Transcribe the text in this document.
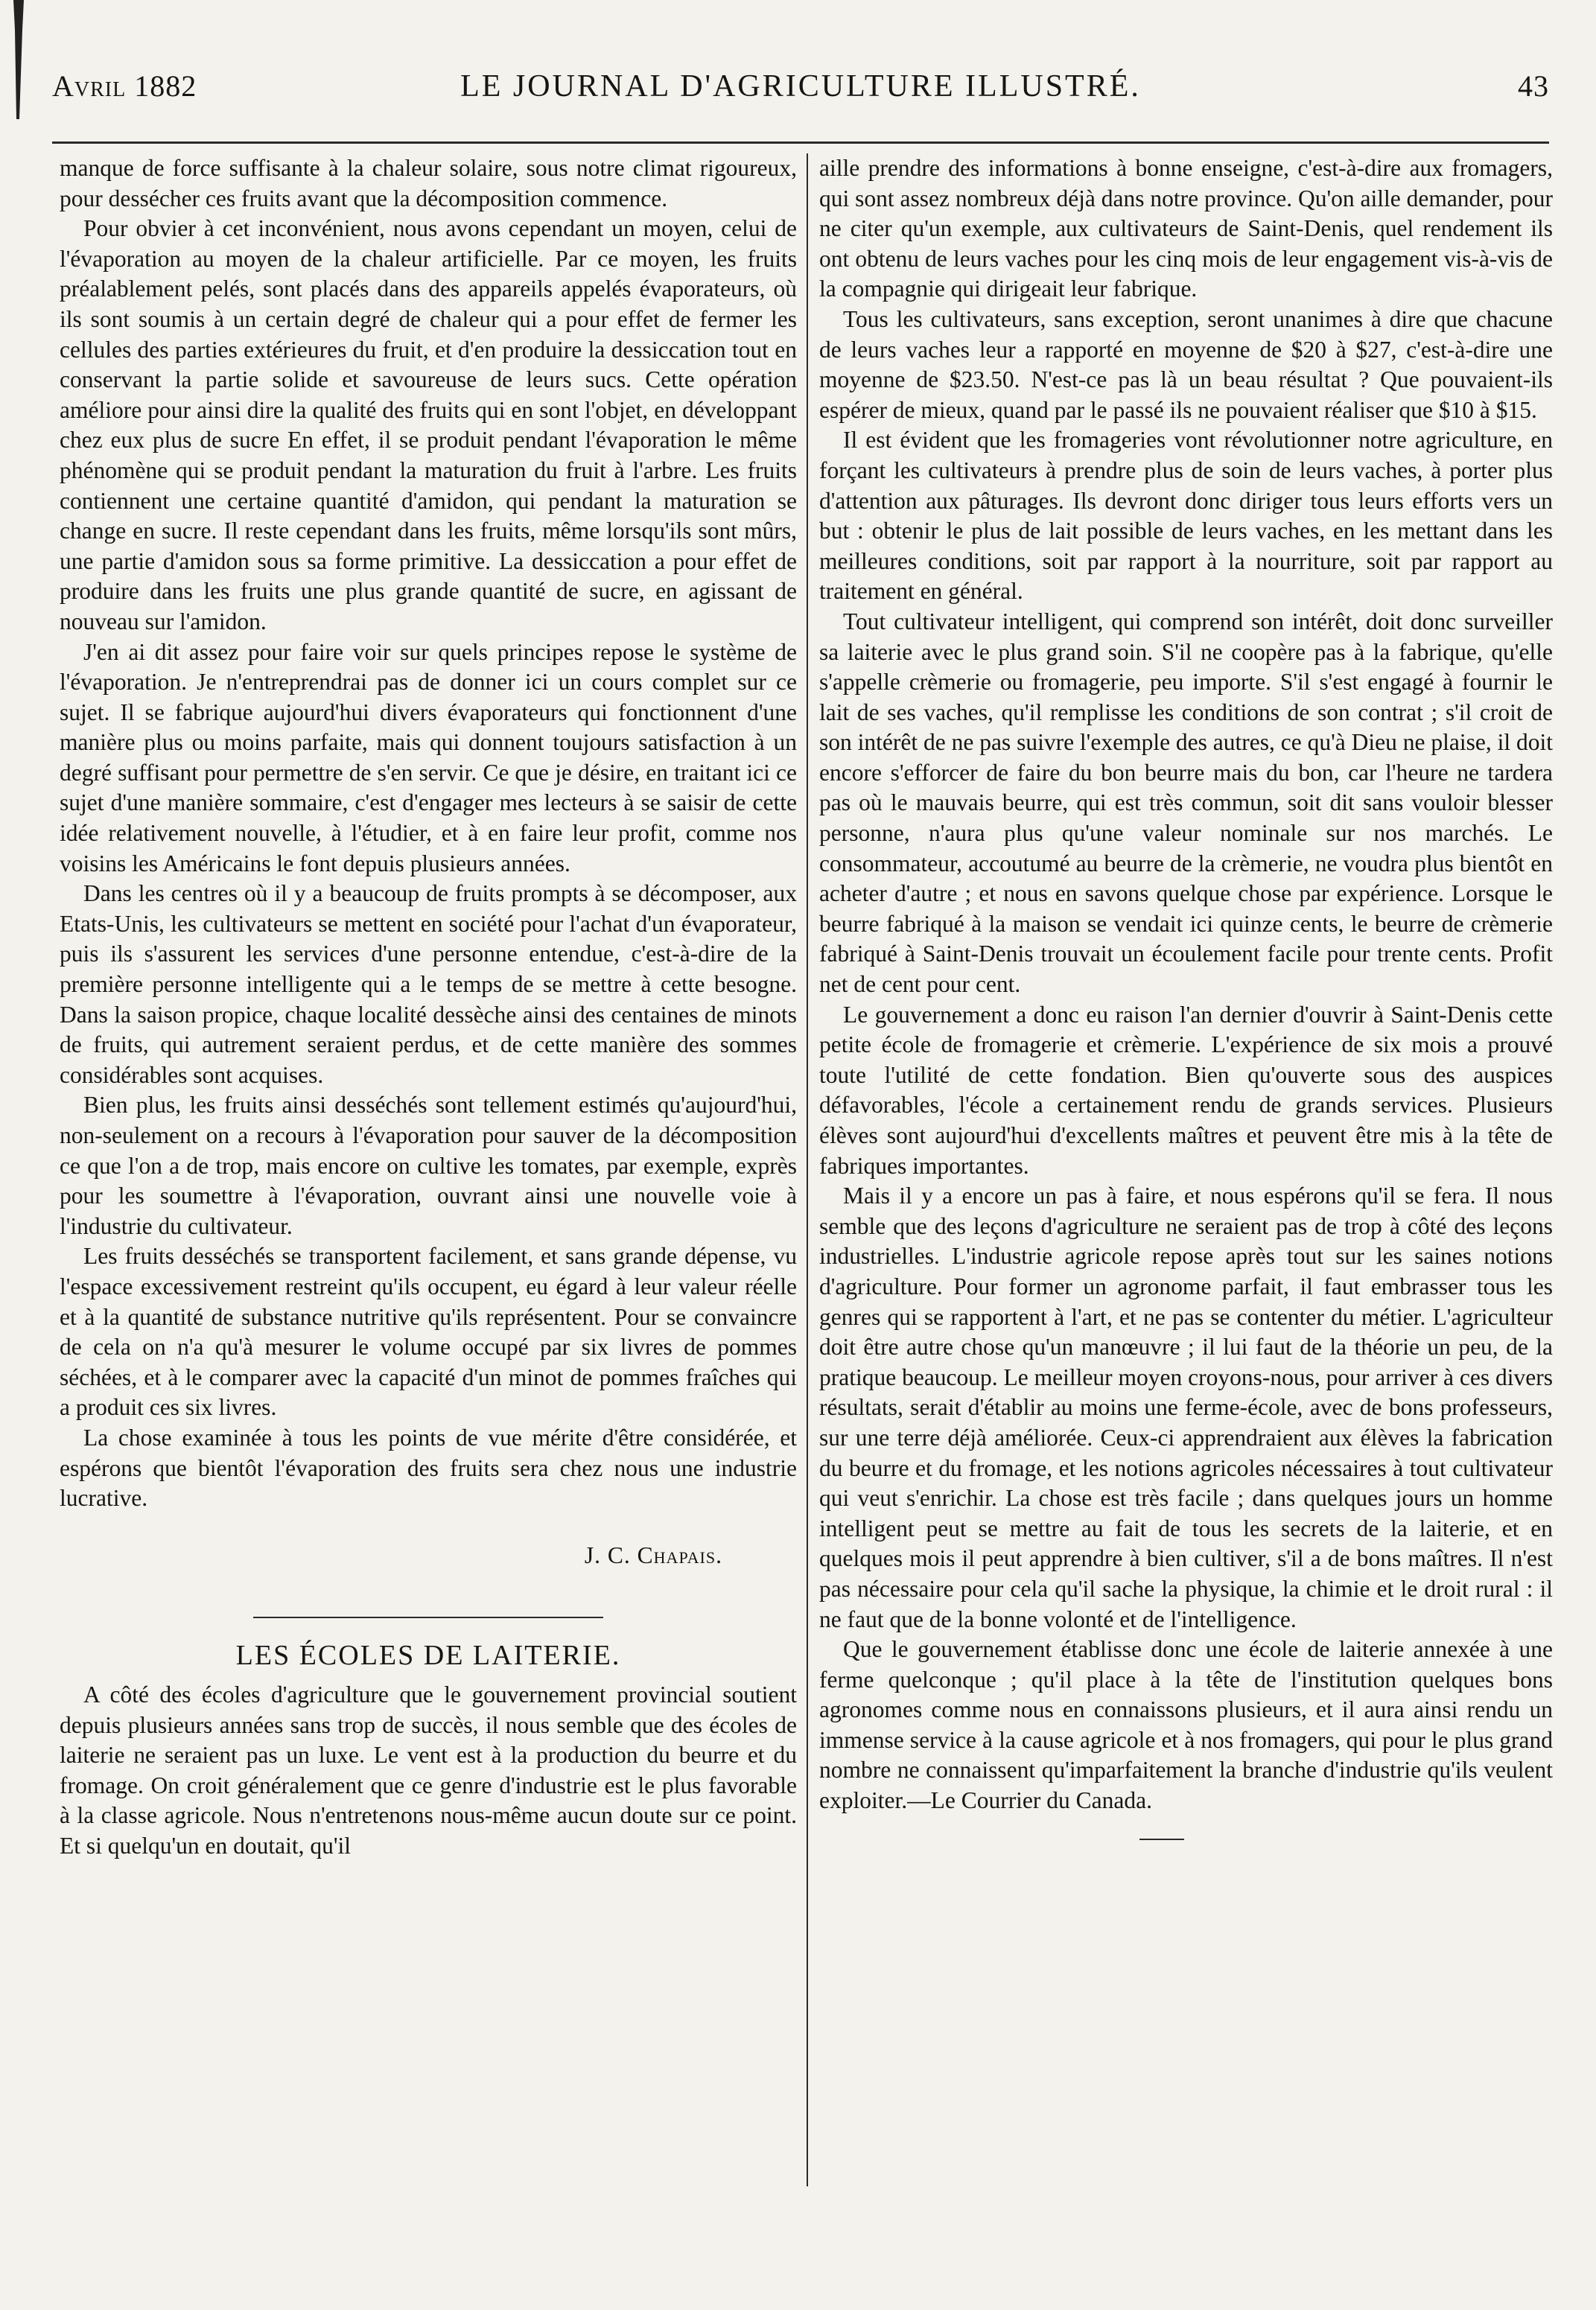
Avril 1882	LE JOURNAL D'AGRICULTURE ILLUSTRÉ.	43

manque de force suffisante à la chaleur solaire, sous notre climat rigoureux, pour dessécher ces fruits avant que la décomposition commence.

Pour obvier à cet inconvénient, nous avons cependant un moyen, celui de l'évaporation au moyen de la chaleur artificielle. Par ce moyen, les fruits préalablement pelés, sont placés dans des appareils appelés évaporateurs, où ils sont soumis à un certain degré de chaleur qui a pour effet de fermer les cellules des parties extérieures du fruit, et d'en produire la dessiccation tout en conservant la partie solide et savoureuse de leurs sucs. Cette opération améliore pour ainsi dire la qualité des fruits qui en sont l'objet, en développant chez eux plus de sucre En effet, il se produit pendant l'évaporation le même phénomène qui se produit pendant la maturation du fruit à l'arbre. Les fruits contiennent une certaine quantité d'amidon, qui pendant la maturation se change en sucre. Il reste cependant dans les fruits, même lorsqu'ils sont mûrs, une partie d'amidon sous sa forme primitive. La dessiccation a pour effet de produire dans les fruits une plus grande quantité de sucre, en agissant de nouveau sur l'amidon.

J'en ai dit assez pour faire voir sur quels principes repose le système de l'évaporation. Je n'entreprendrai pas de donner ici un cours complet sur ce sujet. Il se fabrique aujourd'hui divers évaporateurs qui fonctionnent d'une manière plus ou moins parfaite, mais qui donnent toujours satisfaction à un degré suffisant pour permettre de s'en servir. Ce que je désire, en traitant ici ce sujet d'une manière sommaire, c'est d'engager mes lecteurs à se saisir de cette idée relativement nouvelle, à l'étudier, et à en faire leur profit, comme nos voisins les Américains le font depuis plusieurs années.

Dans les centres où il y a beaucoup de fruits prompts à se décomposer, aux Etats-Unis, les cultivateurs se mettent en société pour l'achat d'un évaporateur, puis ils s'assurent les services d'une personne entendue, c'est-à-dire de la première personne intelligente qui a le temps de se mettre à cette besogne. Dans la saison propice, chaque localité dessèche ainsi des centaines de minots de fruits, qui autrement seraient perdus, et de cette manière des sommes considérables sont acquises.

Bien plus, les fruits ainsi desséchés sont tellement estimés qu'aujourd'hui, non-seulement on a recours à l'évaporation pour sauver de la décomposition ce que l'on a de trop, mais encore on cultive les tomates, par exemple, exprès pour les soumettre à l'évaporation, ouvrant ainsi une nouvelle voie à l'industrie du cultivateur.

Les fruits desséchés se transportent facilement, et sans grande dépense, vu l'espace excessivement restreint qu'ils occupent, eu égard à leur valeur réelle et à la quantité de substance nutritive qu'ils représentent. Pour se convaincre de cela on n'a qu'à mesurer le volume occupé par six livres de pommes séchées, et à le comparer avec la capacité d'un minot de pommes fraîches qui a produit ces six livres.

La chose examinée à tous les points de vue mérite d'être considérée, et espérons que bientôt l'évaporation des fruits sera chez nous une industrie lucrative.

J. C. Chapais.
LES ÉCOLES DE LAITERIE.

A côté des écoles d'agriculture que le gouvernement provincial soutient depuis plusieurs années sans trop de succès, il nous semble que des écoles de laiterie ne seraient pas un luxe. Le vent est à la production du beurre et du fromage. On croit généralement que ce genre d'industrie est le plus favorable à la classe agricole. Nous n'entretenons nous-même aucun doute sur ce point. Et si quelqu'un en doutait, qu'il

aille prendre des informations à bonne enseigne, c'est-à-dire aux fromagers, qui sont assez nombreux déjà dans notre province. Qu'on aille demander, pour ne citer qu'un exemple, aux cultivateurs de Saint-Denis, quel rendement ils ont obtenu de leurs vaches pour les cinq mois de leur engagement vis-à-vis de la compagnie qui dirigeait leur fabrique.

Tous les cultivateurs, sans exception, seront unanimes à dire que chacune de leurs vaches leur a rapporté en moyenne de $20 à $27, c'est-à-dire une moyenne de $23.50. N'est-ce pas là un beau résultat ? Que pouvaient-ils espérer de mieux, quand par le passé ils ne pouvaient réaliser que $10 à $15.

Il est évident que les fromageries vont révolutionner notre agriculture, en forçant les cultivateurs à prendre plus de soin de leurs vaches, à porter plus d'attention aux pâturages. Ils devront donc diriger tous leurs efforts vers un but : obtenir le plus de lait possible de leurs vaches, en les mettant dans les meilleures conditions, soit par rapport à la nourriture, soit par rapport au traitement en général.

Tout cultivateur intelligent, qui comprend son intérêt, doit donc surveiller sa laiterie avec le plus grand soin. S'il ne coopère pas à la fabrique, qu'elle s'appelle crèmerie ou fromagerie, peu importe. S'il s'est engagé à fournir le lait de ses vaches, qu'il remplisse les conditions de son contrat ; s'il croit de son intérêt de ne pas suivre l'exemple des autres, ce qu'à Dieu ne plaise, il doit encore s'efforcer de faire du bon beurre mais du bon, car l'heure ne tardera pas où le mauvais beurre, qui est très commun, soit dit sans vouloir blesser personne, n'aura plus qu'une valeur nominale sur nos marchés. Le consommateur, accoutumé au beurre de la crèmerie, ne voudra plus bientôt en acheter d'autre ; et nous en savons quelque chose par expérience. Lorsque le beurre fabriqué à la maison se vendait ici quinze cents, le beurre de crèmerie fabriqué à Saint-Denis trouvait un écoulement facile pour trente cents. Profit net de cent pour cent.

Le gouvernement a donc eu raison l'an dernier d'ouvrir à Saint-Denis cette petite école de fromagerie et crèmerie. L'expérience de six mois a prouvé toute l'utilité de cette fondation. Bien qu'ouverte sous des auspices défavorables, l'école a certainement rendu de grands services. Plusieurs élèves sont aujourd'hui d'excellents maîtres et peuvent être mis à la tête de fabriques importantes.

Mais il y a encore un pas à faire, et nous espérons qu'il se fera. Il nous semble que des leçons d'agriculture ne seraient pas de trop à côté des leçons industrielles. L'industrie agricole repose après tout sur les saines notions d'agriculture. Pour former un agronome parfait, il faut embrasser tous les genres qui se rapportent à l'art, et ne pas se contenter du métier. L'agriculteur doit être autre chose qu'un manœuvre ; il lui faut de la théorie un peu, de la pratique beaucoup. Le meilleur moyen croyons-nous, pour arriver à ces divers résultats, serait d'établir au moins une ferme-école, avec de bons professeurs, sur une terre déjà améliorée. Ceux-ci apprendraient aux élèves la fabrication du beurre et du fromage, et les notions agricoles nécessaires à tout cultivateur qui veut s'enrichir. La chose est très facile ; dans quelques jours un homme intelligent peut se mettre au fait de tous les secrets de la laiterie, et en quelques mois il peut apprendre à bien cultiver, s'il a de bons maîtres. Il n'est pas nécessaire pour cela qu'il sache la physique, la chimie et le droit rural : il ne faut que de la bonne volonté et de l'intelligence.

Que le gouvernement établisse donc une école de laiterie annexée à une ferme quelconque ; qu'il place à la tête de l'institution quelques bons agronomes comme nous en connaissons plusieurs, et il aura ainsi rendu un immense service à la cause agricole et à nos fromagers, qui pour le plus grand nombre ne connaissent qu'imparfaitement la branche d'industrie qu'ils veulent exploiter.—Le Courrier du Canada.
